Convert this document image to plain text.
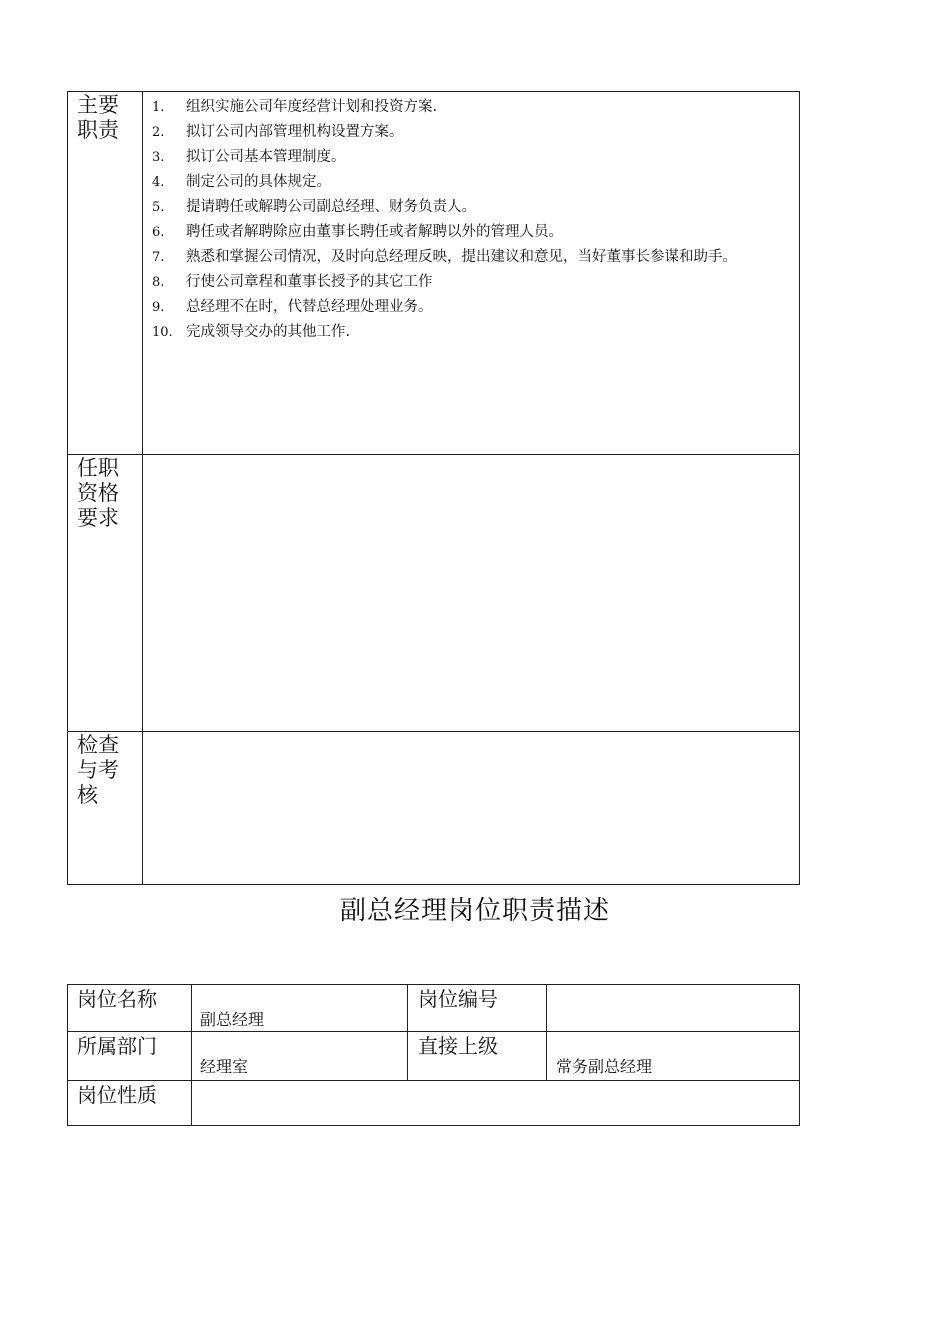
主要职责
1. 组织实施公司年度经营计划和投资方案.
2. 拟订公司内部管理机构设置方案。
3. 拟订公司基本管理制度。
4. 制定公司的具体规定。
5. 提请聘任或解聘公司副总经理、财务负责人。
6. 聘任或者解聘除应由董事长聘任或者解聘以外的管理人员。
7. 熟悉和掌握公司情况，及时向总经理反映，提出建议和意见，当好董事长参谋和助手。
8. 行使公司章程和董事长授予的其它工作
9. 总经理不在时，代替总经理处理业务。
10. 完成领导交办的其他工作.
任职资格要求
检查与考核
副总经理岗位职责描述
岗位名称
副总经理
岗位编号
所属部门
经理室
直接上级
常务副总经理
岗位性质
